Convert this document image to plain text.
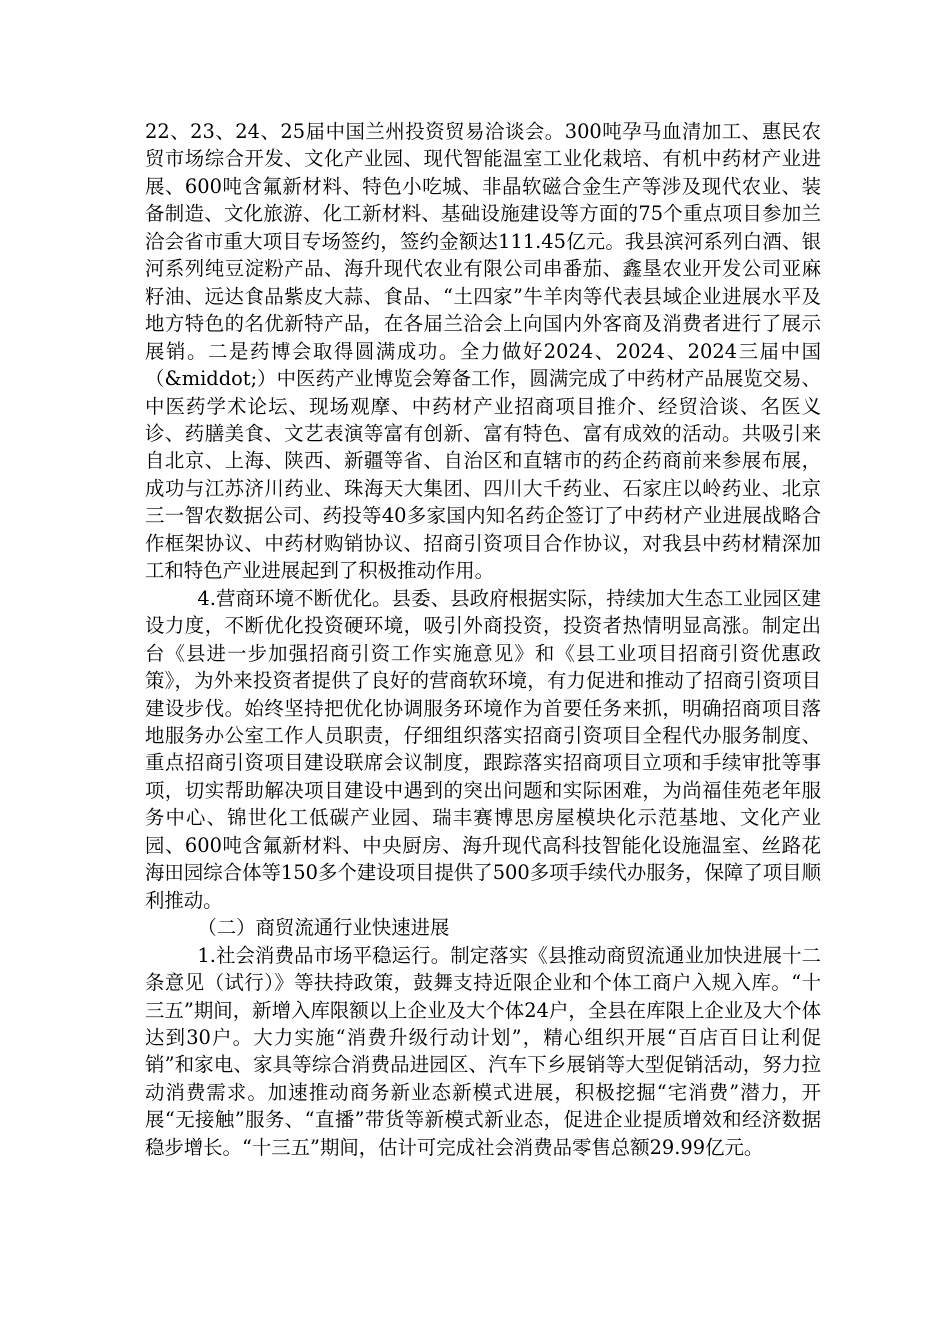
22、23、24、25届中国兰州投资贸易洽谈会。300吨孕马血清加工、惠民农贸市场综合开发、文化产业园、现代智能温室工业化栽培、有机中药材产业进展、600吨含氟新材料、特色小吃城、非晶软磁合金生产等涉及现代农业、装备制造、文化旅游、化工新材料、基础设施建设等方面的75个重点项目参加兰洽会省市重大项目专场签约，签约金额达111.45亿元。我县滨河系列白酒、银河系列纯豆淀粉产品、海升现代农业有限公司串番茄、鑫垦农业开发公司亚麻籽油、远达食品紫皮大蒜、食品、“土四家”牛羊肉等代表县域企业进展水平及地方特色的名优新特产品，在各届兰洽会上向国内外客商及消费者进行了展示展销。二是药博会取得圆满成功。全力做好2024、2024、2024三届中国（&middot;）中医药产业博览会筹备工作，圆满完成了中药材产品展览交易、中医药学术论坛、现场观摩、中药材产业招商项目推介、经贸洽谈、名医义诊、药膳美食、文艺表演等富有创新、富有特色、富有成效的活动。共吸引来自北京、上海、陕西、新疆等省、自治区和直辖市的药企药商前来参展布展，成功与江苏济川药业、珠海天大集团、四川大千药业、石家庄以岭药业、北京三一智农数据公司、药投等40多家国内知名药企签订了中药材产业进展战略合作框架协议、中药材购销协议、招商引资项目合作协议，对我县中药材精深加工和特色产业进展起到了积极推动作用。

4.营商环境不断优化。县委、县政府根据实际，持续加大生态工业园区建设力度，不断优化投资硬环境，吸引外商投资，投资者热情明显高涨。制定出台《县进一步加强招商引资工作实施意见》和《县工业项目招商引资优惠政策》，为外来投资者提供了良好的营商软环境，有力促进和推动了招商引资项目建设步伐。始终坚持把优化协调服务环境作为首要任务来抓，明确招商项目落地服务办公室工作人员职责，仔细组织落实招商引资项目全程代办服务制度、重点招商引资项目建设联席会议制度，跟踪落实招商项目立项和手续审批等事项，切实帮助解决项目建设中遇到的突出问题和实际困难，为尚福佳苑老年服务中心、锦世化工低碳产业园、瑞丰赛博思房屋模块化示范基地、文化产业园、600吨含氟新材料、中央厨房、海升现代高科技智能化设施温室、丝路花海田园综合体等150多个建设项目提供了500多项手续代办服务，保障了项目顺利推动。

（二）商贸流通行业快速进展

1.社会消费品市场平稳运行。制定落实《县推动商贸流通业加快进展十二条意见（试行）》等扶持政策，鼓舞支持近限企业和个体工商户入规入库。“十三五”期间，新增入库限额以上企业及大个体24户，全县在库限上企业及大个体达到30户。大力实施“消费升级行动计划”，精心组织开展“百店百日让利促销”和家电、家具等综合消费品进园区、汽车下乡展销等大型促销活动，努力拉动消费需求。加速推动商务新业态新模式进展，积极挖掘“宅消费”潜力，开展“无接触”服务、“直播”带货等新模式新业态，促进企业提质增效和经济数据稳步增长。“十三五”期间，估计可完成社会消费品零售总额29.99亿元。
